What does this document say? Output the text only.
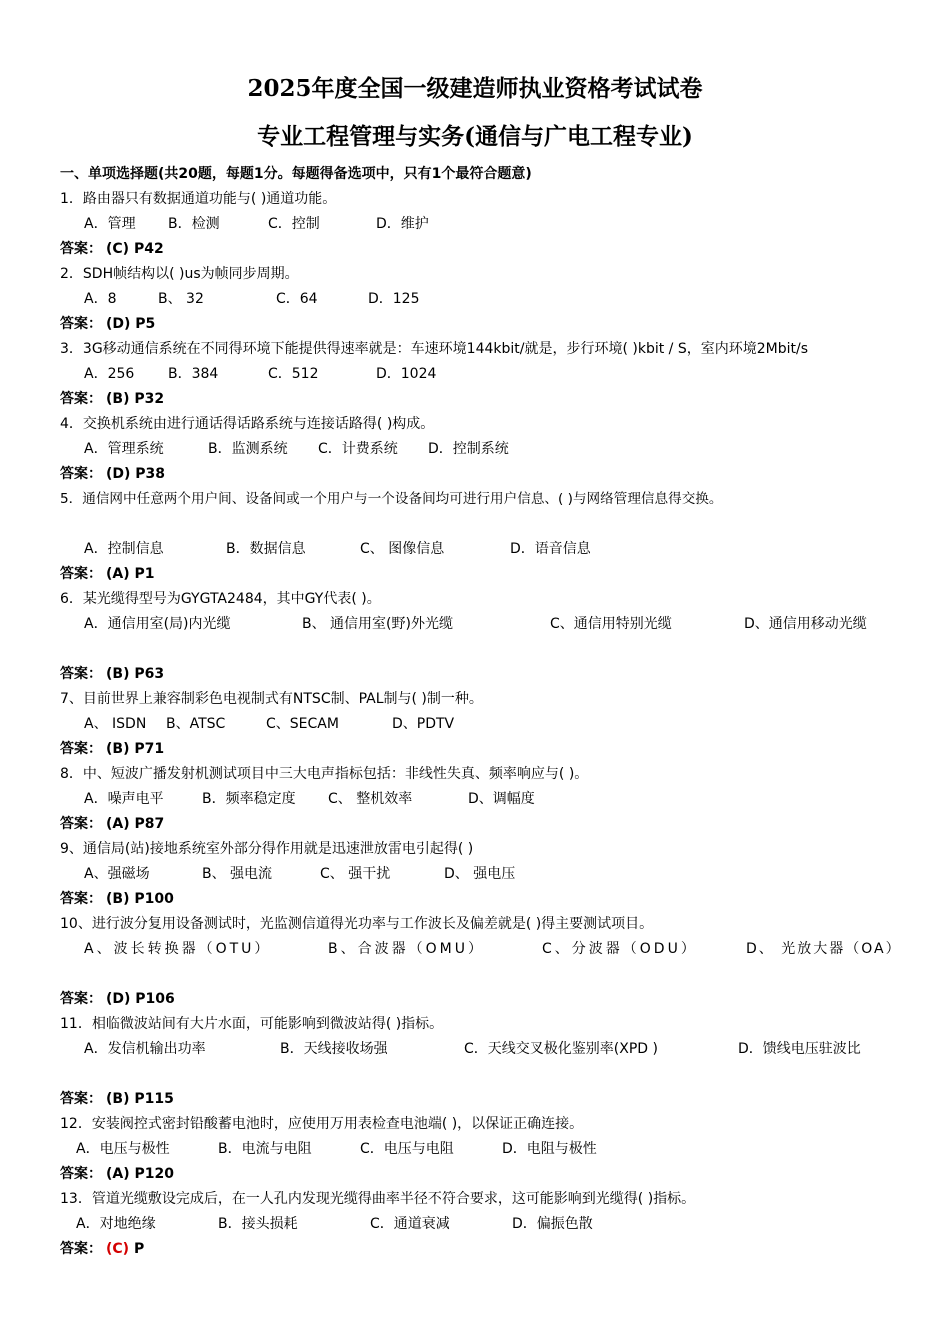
2025年度全国一级建造师执业资格考试试卷
专业工程管理与实务(通信与广电工程专业)
一、单项选择题(共20题，每题1分。每题得备选项中，只有1个最符合题意)
1．路由器只有数据通道功能与( )通道功能。
A．管理 B．检测	C．控制	D．维护
答案： (C) P42
2．SDH帧结构以( )us为帧同步周期。
A．8	B、 32	C．64	D．125
答案： (D) P5
3．3G移动通信系统在不同得环境下能提供得速率就是：车速环境144kbit/就是，步行环境( )kbit / S，室内环境2Mbit/s
A．256 B．384	C．512	D．1024
答案： (B) P32
4．交换机系统由进行通话得话路系统与连接话路得( )构成。
A．管理系统	B．监测系统 C．计费系统 D．控制系统
答案： (D) P38
5．通信网中任意两个用户间、设备间或一个用户与一个设备间均可进行用户信息、( )与网络管理信息得交换。
A．控制信息	B．数据信息	C、 图像信息	D．语音信息
答案： (A) P1
6．某光缆得型号为GYGTA2484，其中GY代表( )。
A．通信用室(局)内光缆	B、 通信用室(野)外光缆	C、通信用特别光缆	D、通信用移动光缆
答案： (B) P63
7、目前世界上兼容制彩色电视制式有NTSC制、PAL制与( )制一种。
A、 ISDN B、ATSC	C、SECAM	D、PDTV
答案： (B) P71
8．中、短波广播发射机测试项目中三大电声指标包括：非线性失真、频率响应与( )。
A．噪声电平	B．频率稳定度 C、 整机效率	D、调幅度
答案： (A) P87
9、通信局(站)接地系统室外部分得作用就是迅速泄放雷电引起得( )
A、强磁场	B、 强电流	C、 强干扰	D、 强电压
答案： (B) P100
10、进行波分复用设备测试时，光监测信道得光功率与工作波长及偏差就是( )得主要测试项目。
A、波长转换器（OTU）	B、合波器（OMU）	C、分波器（ODU）	D、 光放大器（OA）
答案： (D) P106
11．相临微波站间有大片水面，可能影响到微波站得( )指标。
A．发信机输出功率	B．天线接收场强	C．天线交叉极化鉴别率(XPD )	D．馈线电压驻波比
答案： (B) P115
12．安装阀控式密封铅酸蓄电池时，应使用万用表检查电池端( )，以保证正确连接。
A．电压与极性	B．电流与电阻	C．电压与电阻	D．电阻与极性
答案： (A) P120
13．管道光缆敷设完成后，在一人孔内发现光缆得曲率半径不符合要求，这可能影响到光缆得( )指标。
A．对地绝缘	B．接头损耗	C．通道衰减	D．偏振色散
答案： (C) P
